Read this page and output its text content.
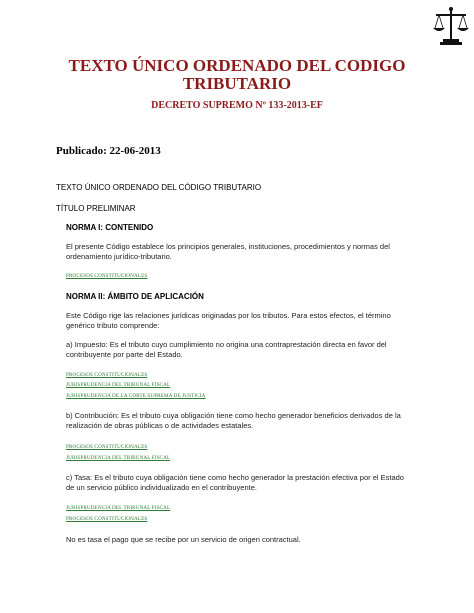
TEXTO ÚNICO ORDENADO DEL CODIGO
TRIBUTARIO
DECRETO SUPREMO Nº 133-2013-EF
Publicado: 22-06-2013
TEXTO ÚNICO ORDENADO DEL CÓDIGO TRIBUTARIO
TÍTULO PRELIMINAR
NORMA I: CONTENIDO
El presente Código establece los principios generales, instituciones, procedimientos y normas del
ordenamiento jurídico-tributario.
PROCESOS CONSTITUCIONALES
NORMA II: ÁMBITO DE APLICACIÓN
Este Código rige las relaciones jurídicas originadas por los tributos. Para estos efectos, el término
genérico tributo comprende:
a) Impuesto: Es el tributo cuyo cumplimiento no origina una contraprestación directa en favor del
contribuyente por parte del Estado.
PROCESOS CONSTITUCIONALES
JURISPRUDENCIA DEL TRIBUNAL FISCAL
JURISPRUDENCIA DE LA CORTE SUPREMA DE JUSTICIA
b) Contribución: Es el tributo cuya obligación tiene como hecho generador beneficios derivados de la
realización de obras públicas o de actividades estatales.
PROCESOS CONSTITUCIONALES
JURISPRUDENCIA DEL TRIBUNAL FISCAL
c) Tasa: Es el tributo cuya obligación tiene como hecho generador la prestación efectiva por el Estado
de un servicio público individualizado en el contribuyente.
JURISPRUDENCIA DEL TRIBUNAL FISCAL
PROCESOS CONSTITUCIONALES
No es tasa el pago que se recibe por un servicio de origen contractual.
